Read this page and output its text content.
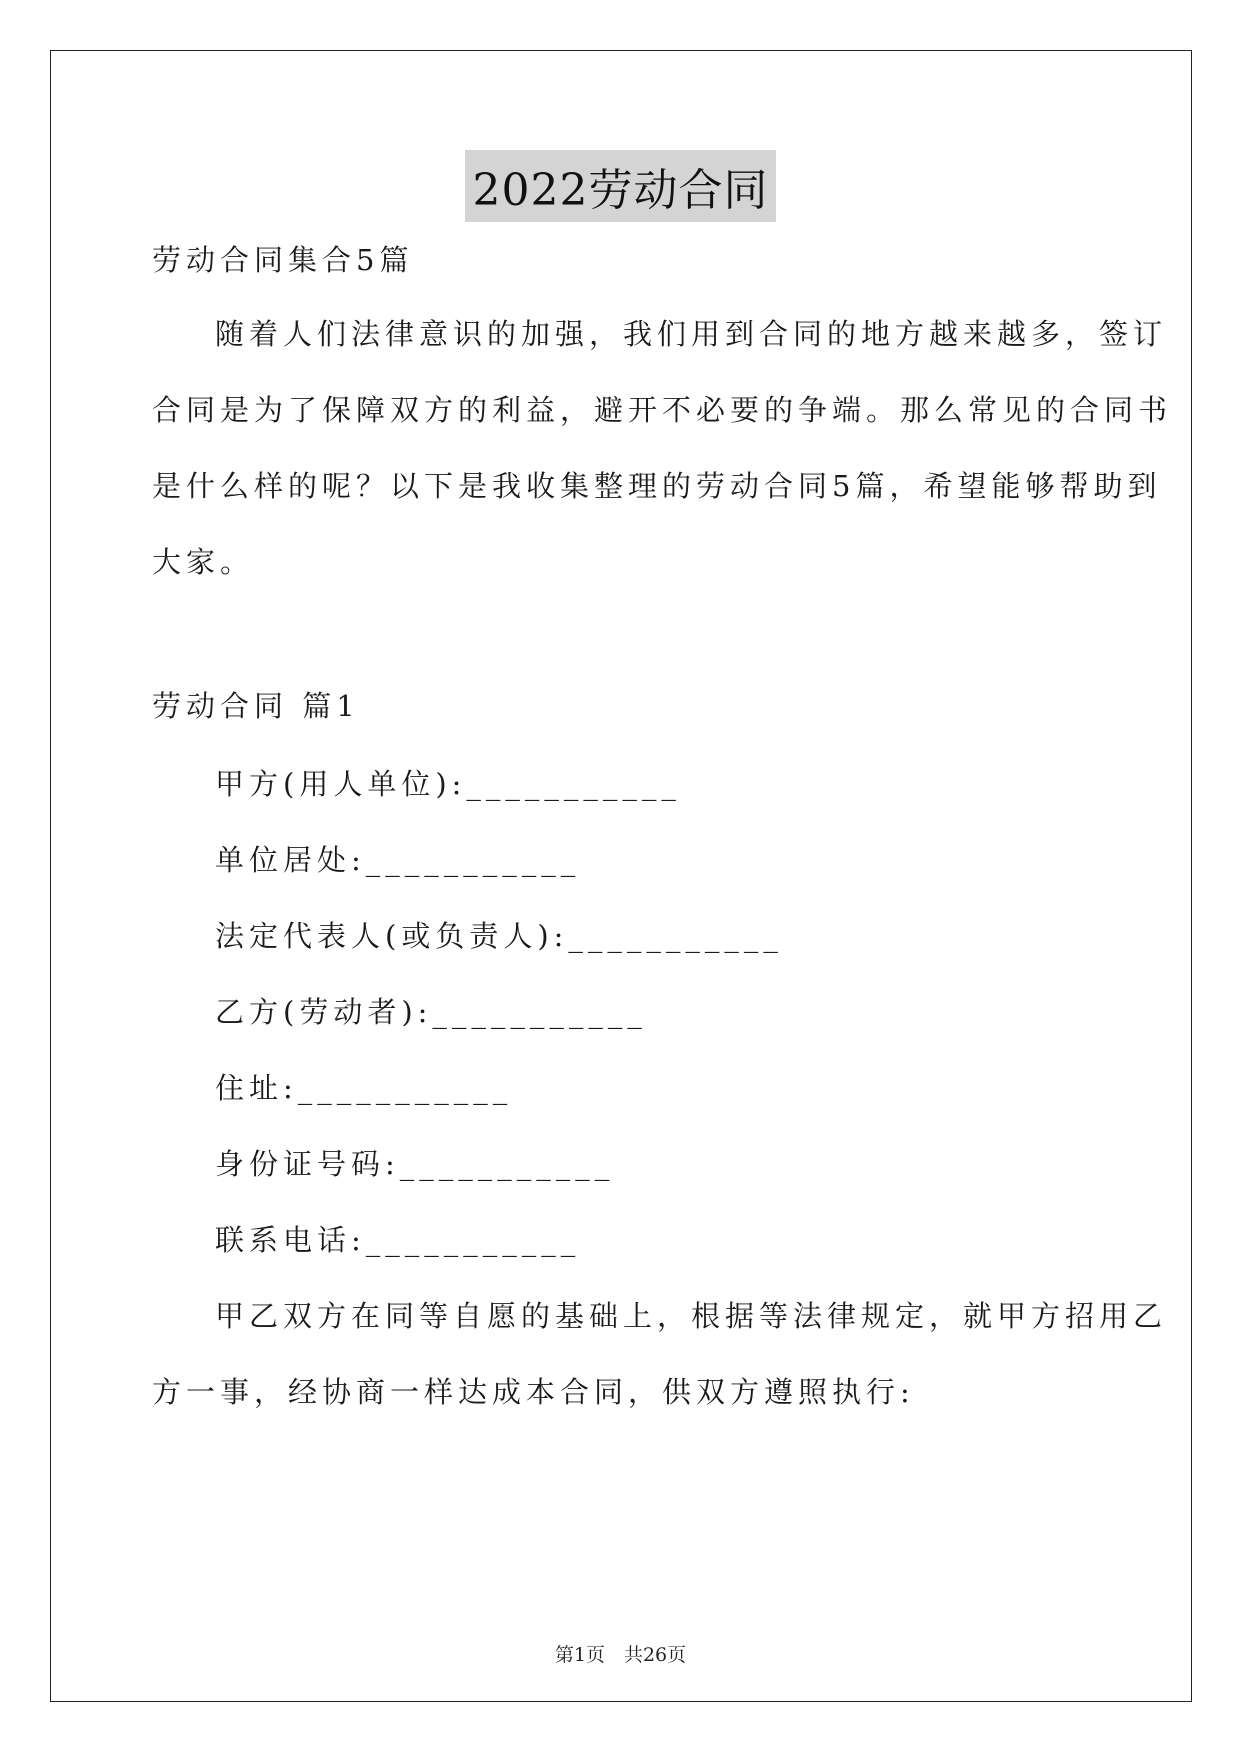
2022劳动合同
劳动合同集合5篇
随着人们法律意识的加强，我们用到合同的地方越来越多，签订
合同是为了保障双方的利益，避开不必要的争端。那么常见的合同书
是什么样的呢？以下是我收集整理的劳动合同5篇，希望能够帮助到
大家。
劳动合同 篇1
甲方(用人单位):___________
单位居处:___________
法定代表人(或负责人):___________
乙方(劳动者):___________
住址:___________
身份证号码:___________
联系电话:___________
甲乙双方在同等自愿的基础上，根据等法律规定，就甲方招用乙
方一事，经协商一样达成本合同，供双方遵照执行:
第1页　共26页
